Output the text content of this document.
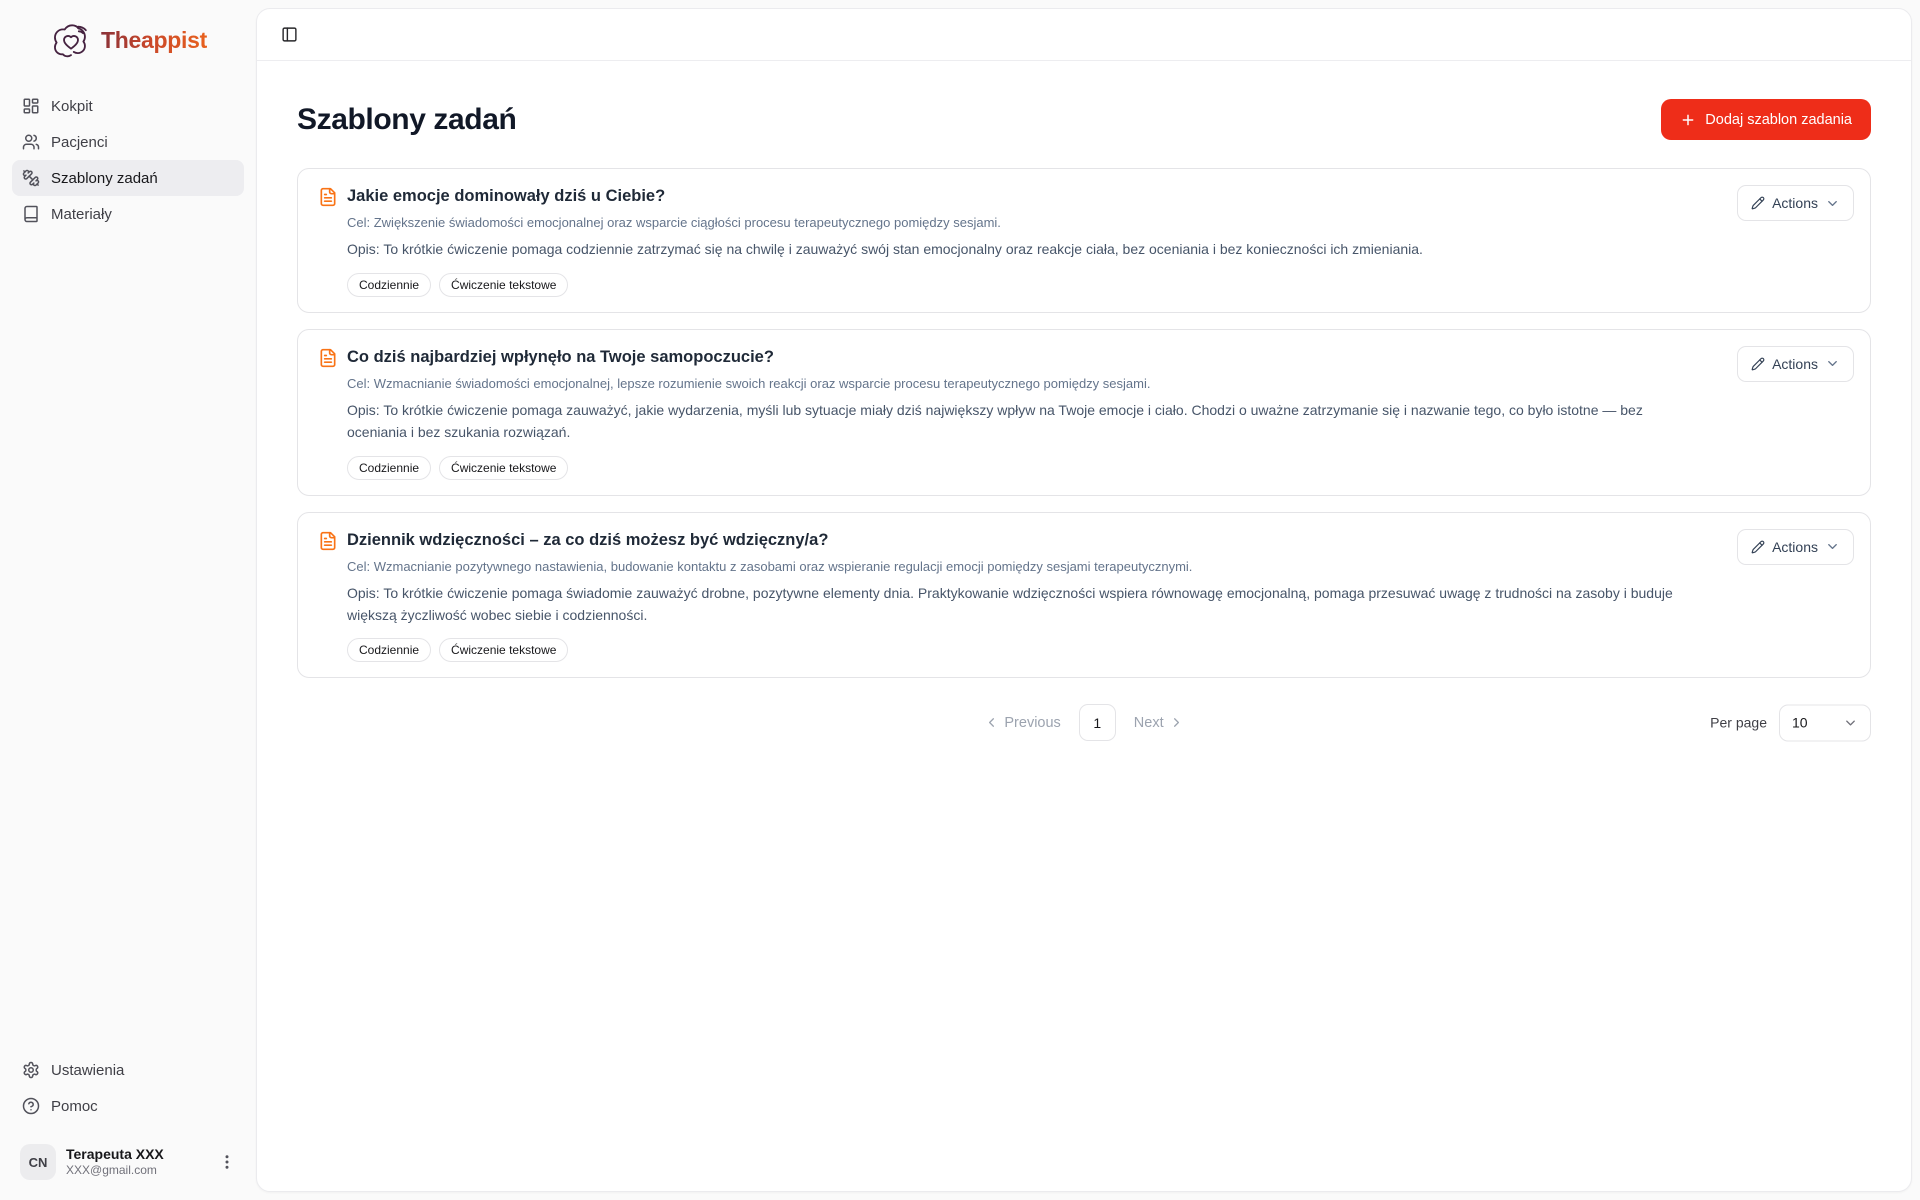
Theappist
Kokpit
Pacjenci
Szablony zadań
Materiały
Ustawienia
Pomoc
CN
Terapeuta XXX
XXX@gmail.com
Szablony zadań	Dodaj szablon zadania
Jakie emocje dominowały dziś u Ciebie?

Cel: Zwiększenie świadomości emocjonalnej oraz wsparcie ciągłości procesu terapeutycznego pomiędzy sesjami.

Opis: To krótkie ćwiczenie pomaga codziennie zatrzymać się na chwilę i zauważyć swój stan emocjonalny oraz reakcje ciała, bez oceniania i bez konieczności ich zmieniania.

Codziennie	Ćwiczenie tekstowe
Actions
Co dziś najbardziej wpłynęło na Twoje samopoczucie?

Cel: Wzmacnianie świadomości emocjonalnej, lepsze rozumienie swoich reakcji oraz wsparcie procesu terapeutycznego pomiędzy sesjami.

Opis: To krótkie ćwiczenie pomaga zauważyć, jakie wydarzenia, myśli lub sytuacje miały dziś największy wpływ na Twoje emocje i ciało. Chodzi o uważne zatrzymanie się i nazwanie tego, co było istotne — bez oceniania i bez szukania rozwiązań.

Codziennie	Ćwiczenie tekstowe
Actions
Dziennik wdzięczności – za co dziś możesz być wdzięczny/a?

Cel: Wzmacnianie pozytywnego nastawienia, budowanie kontaktu z zasobami oraz wspieranie regulacji emocji pomiędzy sesjami terapeutycznymi.

Opis: To krótkie ćwiczenie pomaga świadomie zauważyć drobne, pozytywne elementy dnia. Praktykowanie wdzięczności wspiera równowagę emocjonalną, pomaga przesuwać uwagę z trudności na zasoby i buduje większą życzliwość wobec siebie i codzienności.

Codziennie	Ćwiczenie tekstowe
Actions
Previous	1	Next	Per page 10
